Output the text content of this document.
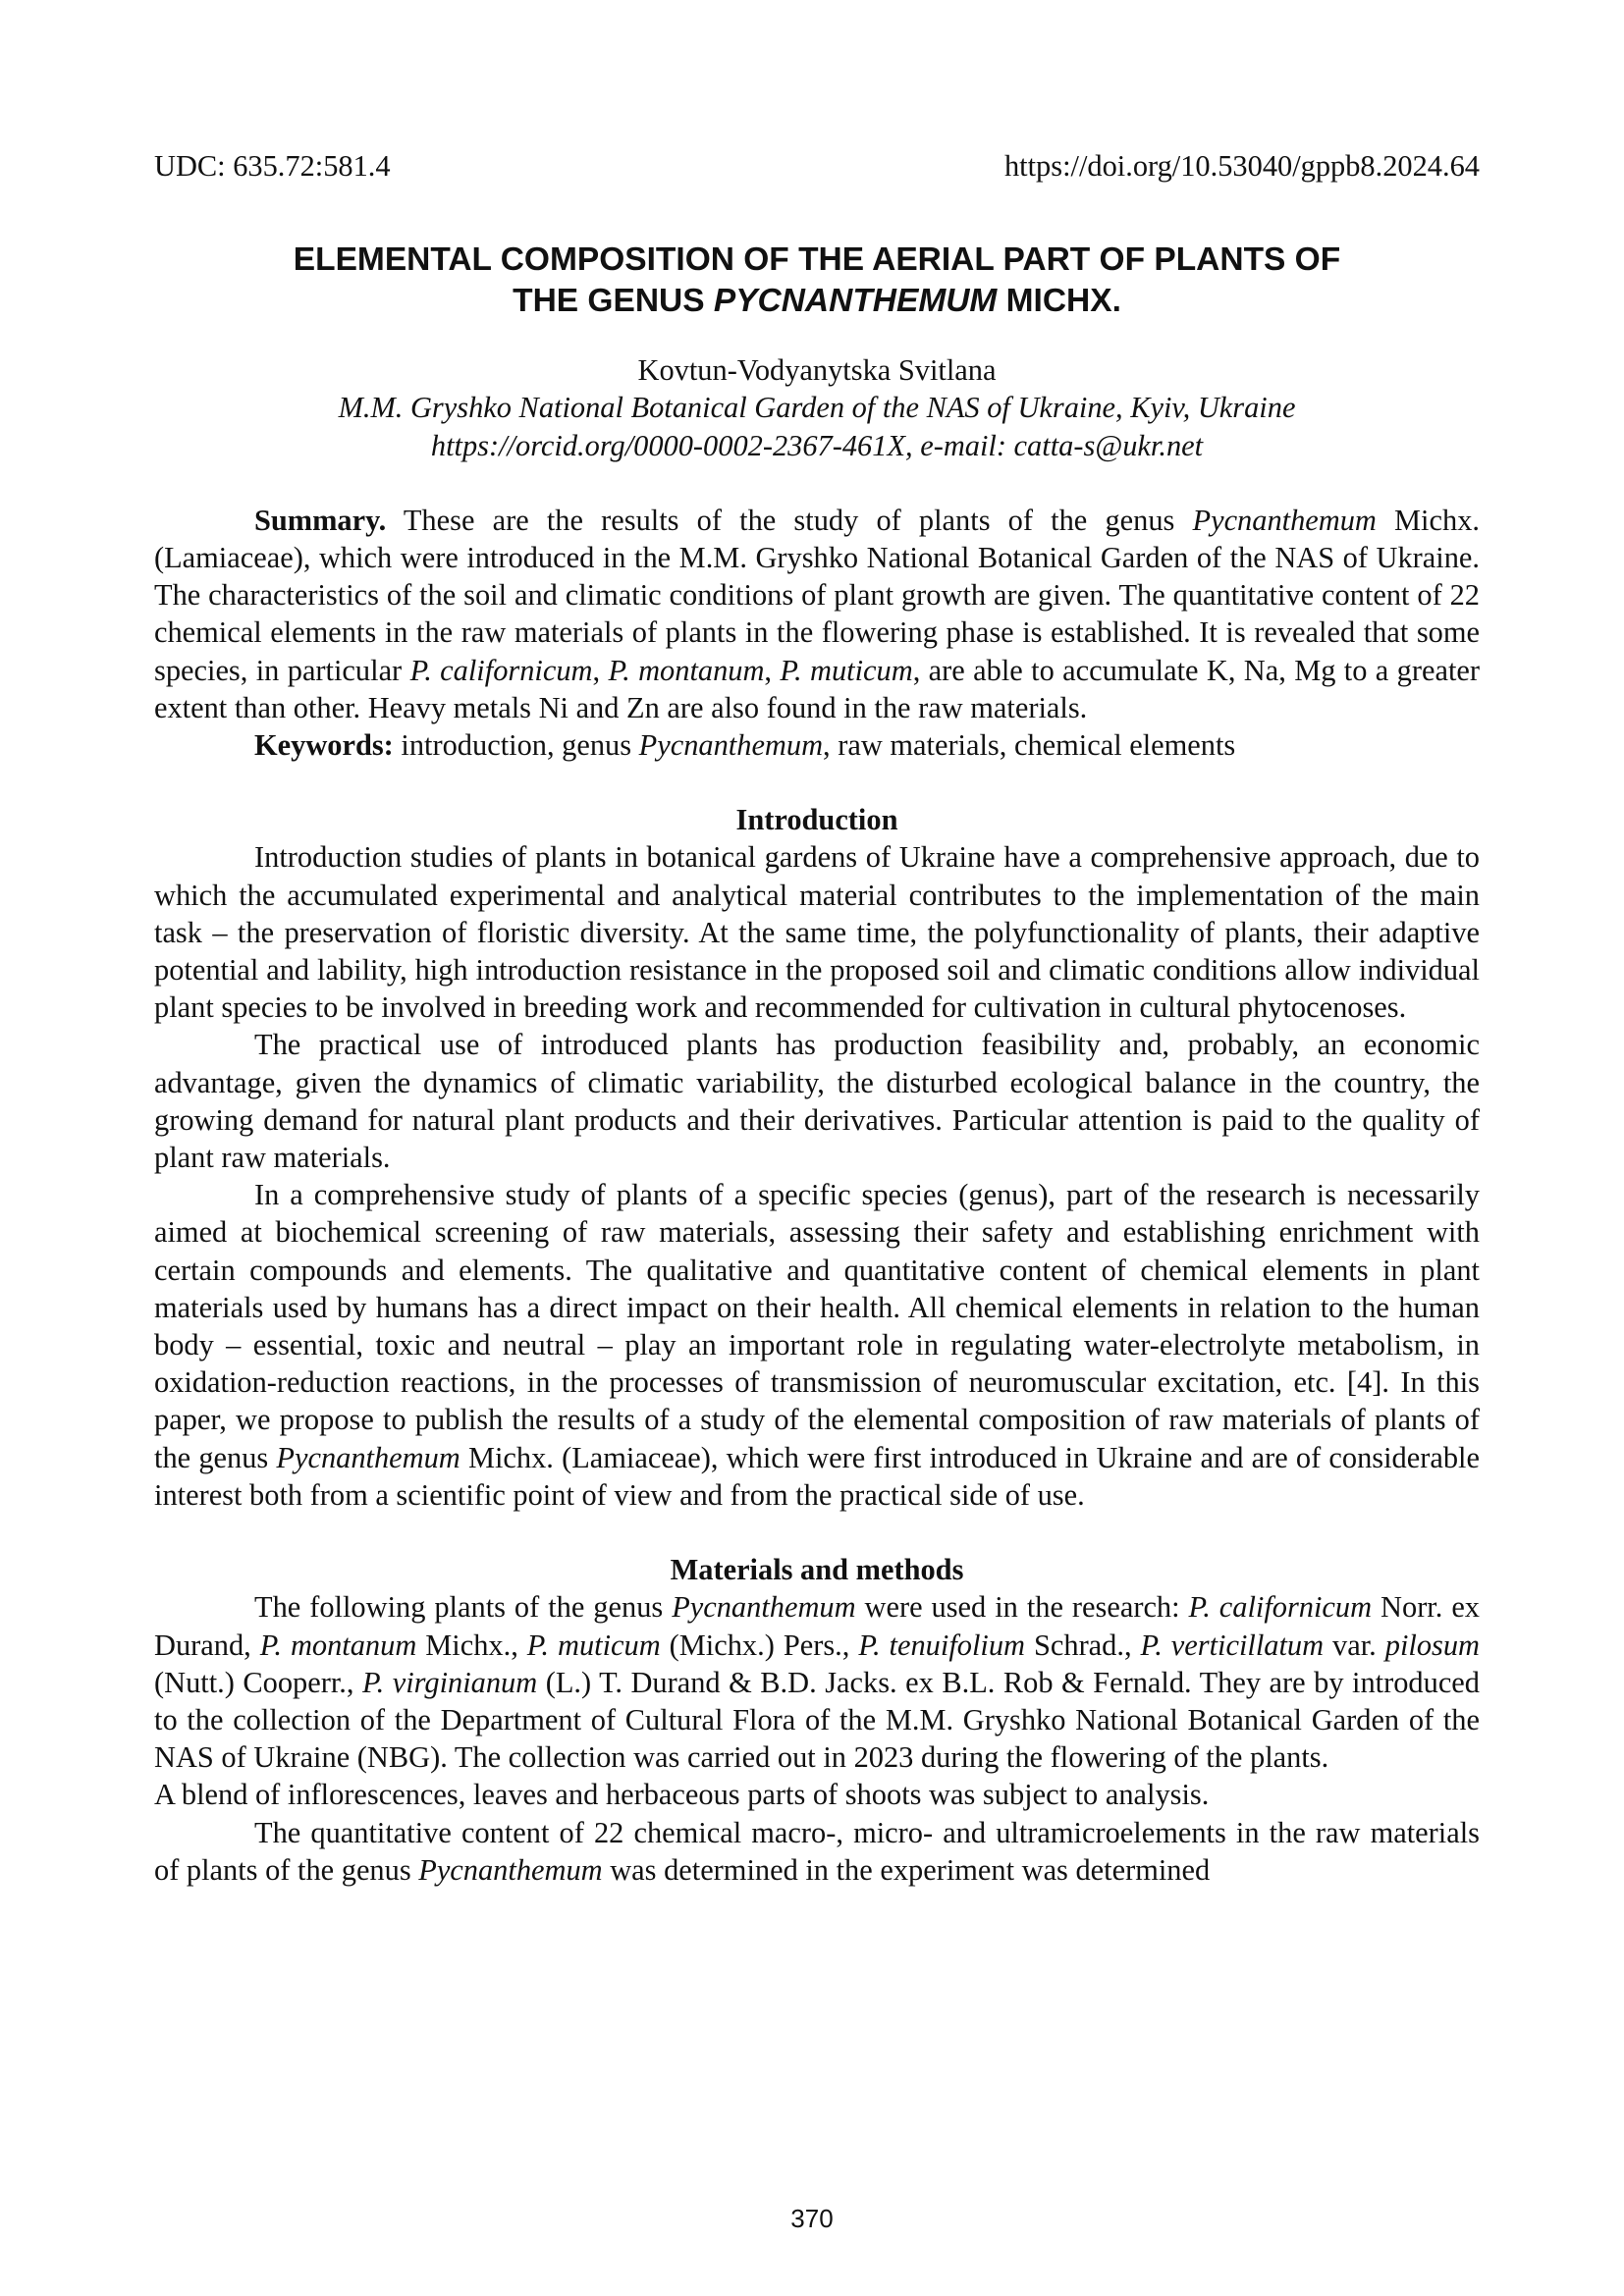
UDC: 635.72:581.4	https://doi.org/10.53040/gppb8.2024.64
ELEMENTAL COMPOSITION OF THE AERIAL PART OF PLANTS OF
THE GENUS PYCNANTHEMUM MICHX.
Kovtun-Vodyanytska Svitlana
M.M. Gryshko National Botanical Garden of the NAS of Ukraine, Kyiv, Ukraine
https://orcid.org/0000-0002-2367-461X, e-mail: catta-s@ukr.net

Summary. These are the results of the study of plants of the genus Pycnanthemum Michx. (Lamiaceae), which were introduced in the M.M. Gryshko National Botanical Garden of the NAS of Ukraine. The characteristics of the soil and climatic conditions of plant growth are given. The quantitative content of 22 chemical elements in the raw materials of plants in the flowering phase is established. It is revealed that some species, in particular P. californicum, P. montanum, P. muticum, are able to accumulate K, Na, Mg to a greater extent than other. Heavy metals Ni and Zn are also found in the raw materials.

Keywords: introduction, genus Pycnanthemum, raw materials, chemical elements

Introduction

Introduction studies of plants in botanical gardens of Ukraine have a comprehensive approach, due to which the accumulated experimental and analytical material contributes to the implementation of the main task – the preservation of floristic diversity. At the same time, the polyfunctionality of plants, their adaptive potential and lability, high introduction resistance in the proposed soil and climatic conditions allow individual plant species to be involved in breeding work and recommended for cultivation in cultural phytocenoses.

The practical use of introduced plants has production feasibility and, probably, an economic advantage, given the dynamics of climatic variability, the disturbed ecological balance in the country, the growing demand for natural plant products and their derivatives. Particular attention is paid to the quality of plant raw materials.

In a comprehensive study of plants of a specific species (genus), part of the research is necessarily aimed at biochemical screening of raw materials, assessing their safety and establishing enrichment with certain compounds and elements. The qualitative and quantitative content of chemical elements in plant materials used by humans has a direct impact on their health. All chemical elements in relation to the human body – essential, toxic and neutral – play an important role in regulating water-electrolyte metabolism, in oxidation-reduction reactions, in the processes of transmission of neuromuscular excitation, etc. [4]. In this paper, we propose to publish the results of a study of the elemental composition of raw materials of plants of the genus Pycnanthemum Michx. (Lamiaceae), which were first introduced in Ukraine and are of considerable interest both from a scientific point of view and from the practical side of use.

Materials and methods

The following plants of the genus Pycnanthemum were used in the research: P. californicum Norr. ex Durand, P. montanum Michx., P. muticum (Michx.) Pers., P. tenuifolium Schrad., P. verticillatum var. pilosum (Nutt.) Cooperr., P. virginianum (L.) T. Durand & B.D. Jacks. ex B.L. Rob & Fernald. They are by introduced to the collection of the Department of Cultural Flora of the M.M. Gryshko National Botanical Garden of the NAS of Ukraine (NBG). The collection was carried out in 2023 during the flowering of the plants.

A blend of inflorescences, leaves and herbaceous parts of shoots was subject to analysis.

The quantitative content of 22 chemical macro-, micro- and ultramicroelements in the raw materials of plants of the genus Pycnanthemum was determined in the experiment was determined

370
